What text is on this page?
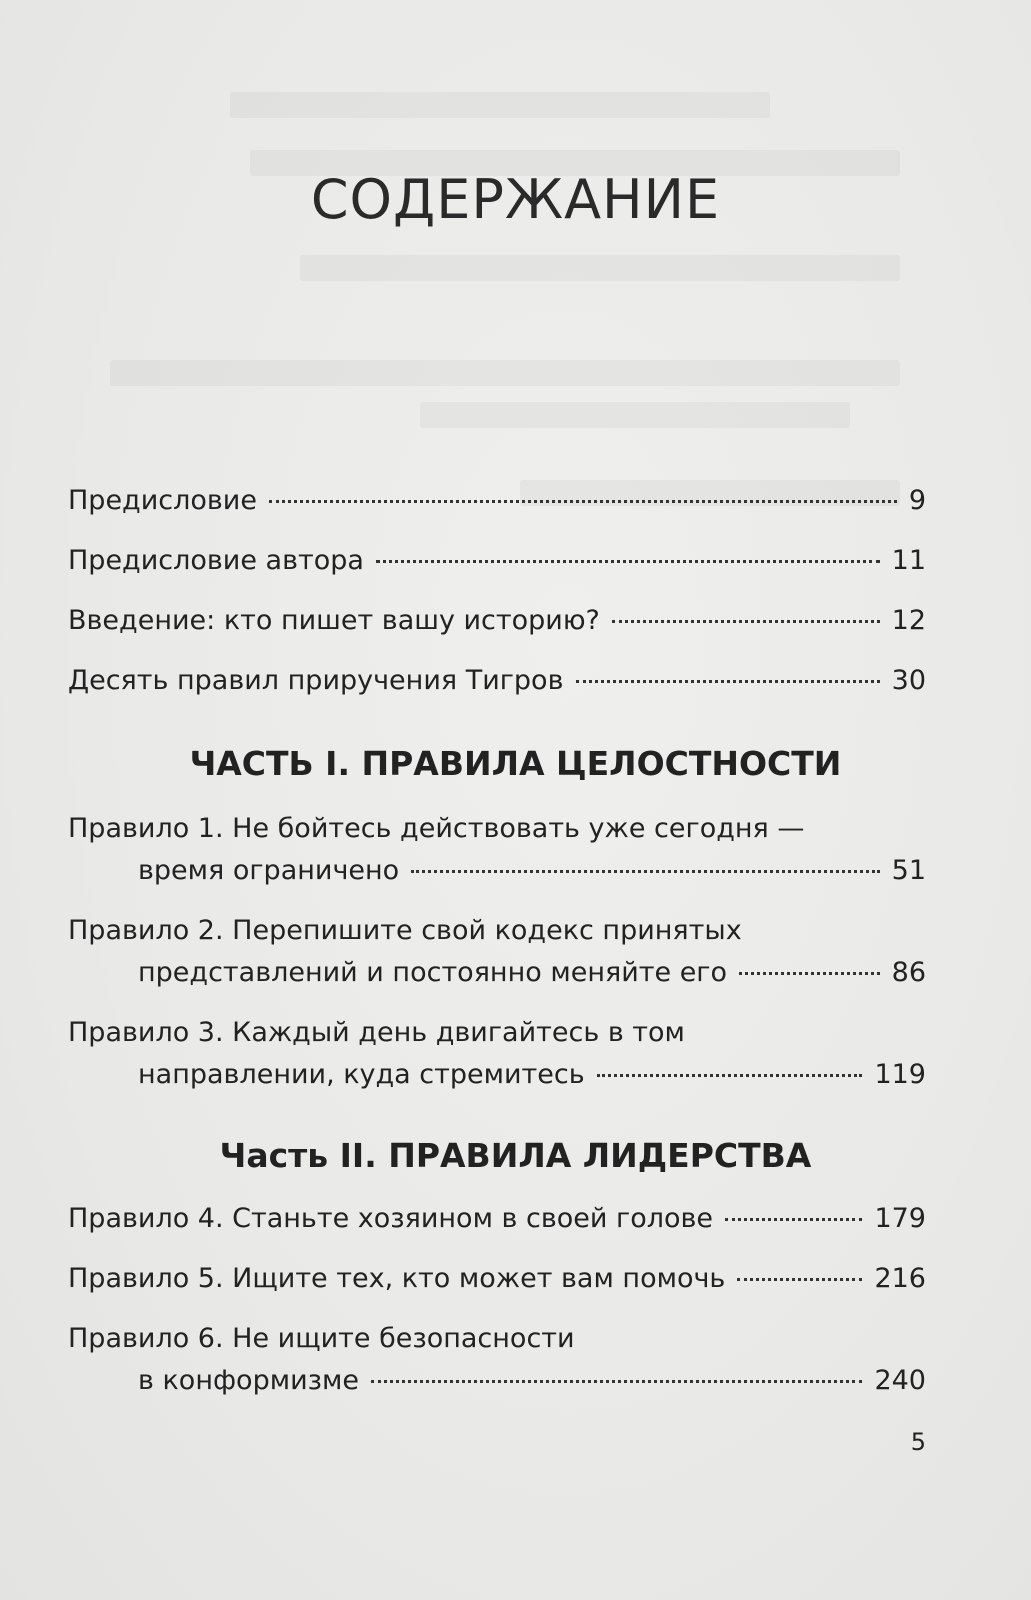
СОДЕРЖАНИЕ
Предисловие	9
Предисловие автора	11
Введение: кто пишет вашу историю?	12
Десять правил приручения Тигров	30
ЧАСТЬ I. ПРАВИЛА ЦЕЛОСТНОСТИ
Правило 1. Не бойтесь действовать уже сегодня —
время ограничено	51
Правило 2. Перепишите свой кодекс принятых
представлений и постоянно меняйте его	86
Правило 3. Каждый день двигайтесь в том
направлении, куда стремитесь	119
Часть II. ПРАВИЛА ЛИДЕРСТВА
Правило 4. Станьте хозяином в своей голове	179
Правило 5. Ищите тех, кто может вам помочь	216
Правило 6. Не ищите безопасности
в конформизме	240
5
